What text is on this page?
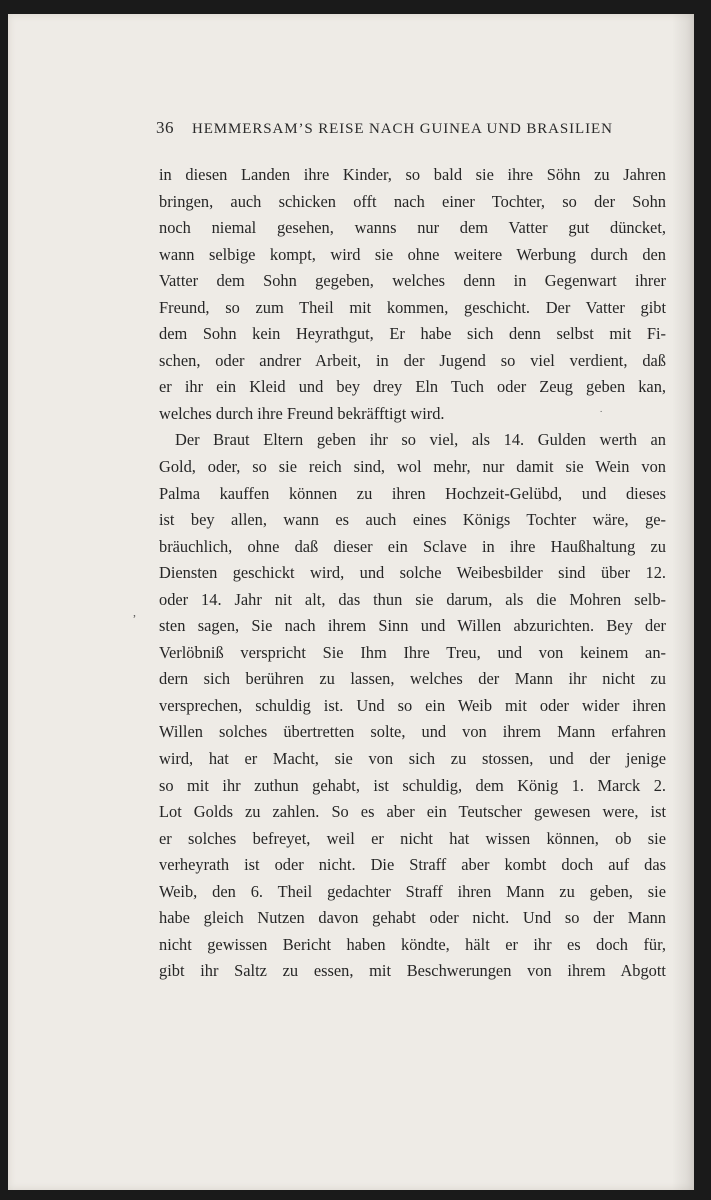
36 HEMMERSAM’S REISE NACH GUINEA UND BRASILIEN
in diesen Landen ihre Kinder, so bald sie ihre Söhn zu Jahren
bringen, auch schicken offt nach einer Tochter, so der Sohn
noch niemal gesehen, wanns nur dem Vatter gut düncket,
wann selbige kompt, wird sie ohne weitere Werbung durch den
Vatter dem Sohn gegeben, welches denn in Gegenwart ihrer
Freund, so zum Theil mit kommen, geschicht. Der Vatter gibt
dem Sohn kein Heyrathgut, Er habe sich denn selbst mit Fi-
schen, oder andrer Arbeit, in der Jugend so viel verdient, daß
er ihr ein Kleid und bey drey Eln Tuch oder Zeug geben kan,
welches durch ihre Freund bekräfftigt wird.
Der Braut Eltern geben ihr so viel, als 14. Gulden werth an
Gold, oder, so sie reich sind, wol mehr, nur damit sie Wein von
Palma kauffen können zu ihren Hochzeit-Gelübd, und dieses
ist bey allen, wann es auch eines Königs Tochter wäre, ge-
bräuchlich, ohne daß dieser ein Sclave in ihre Haußhaltung zu
Diensten geschickt wird, und solche Weibesbilder sind über 12.
oder 14. Jahr nit alt, das thun sie darum, als die Mohren selb-
sten sagen, Sie nach ihrem Sinn und Willen abzurichten. Bey der
Verlöbniß verspricht Sie Ihm Ihre Treu, und von keinem an-
dern sich berühren zu lassen, welches der Mann ihr nicht zu
versprechen, schuldig ist. Und so ein Weib mit oder wider ihren
Willen solches übertretten solte, und von ihrem Mann erfahren
wird, hat er Macht, sie von sich zu stossen, und der jenige
so mit ihr zuthun gehabt, ist schuldig, dem König 1. Marck 2.
Lot Golds zu zahlen. So es aber ein Teutscher gewesen were, ist
er solches befreyet, weil er nicht hat wissen können, ob sie
verheyrath ist oder nicht. Die Straff aber kombt doch auf das
Weib, den 6. Theil gedachter Straff ihren Mann zu geben, sie
habe gleich Nutzen davon gehabt oder nicht. Und so der Mann
nicht gewissen Bericht haben köndte, hält er ihr es doch für,
gibt ihr Saltz zu essen, mit Beschwerungen von ihrem Abgott
,
.
